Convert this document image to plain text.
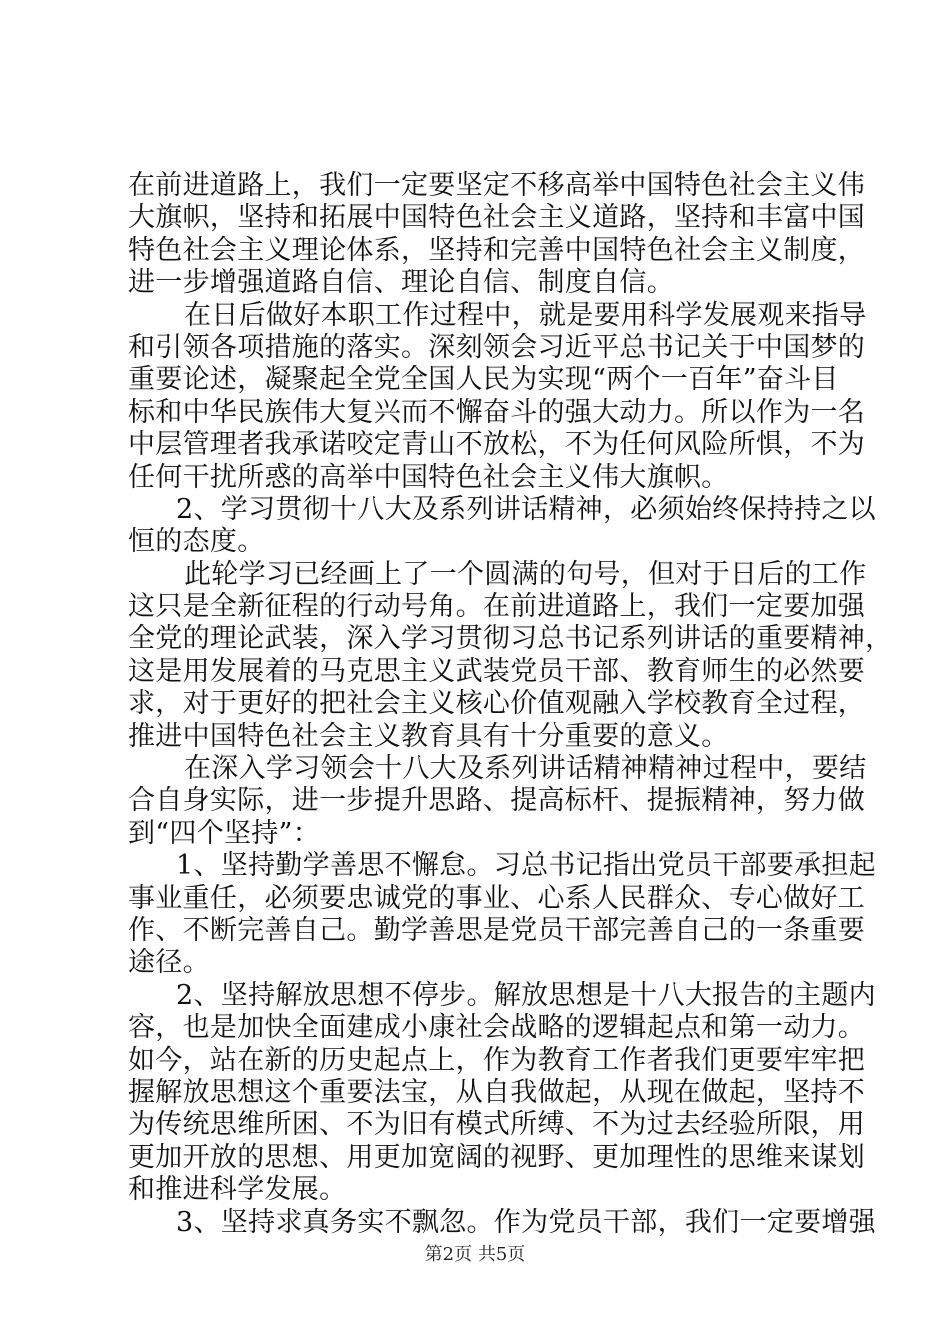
在前进道路上，我们一定要坚定不移高举中国特色社会主义伟
大旗帜，坚持和拓展中国特色社会主义道路，坚持和丰富中国
特色社会主义理论体系，坚持和完善中国特色社会主义制度，
进一步增强道路自信、理论自信、制度自信。
在日后做好本职工作过程中，就是要用科学发展观来指导
和引领各项措施的落实。深刻领会习近平总书记关于中国梦的
重要论述，凝聚起全党全国人民为实现“两个一百年”奋斗目
标和中华民族伟大复兴而不懈奋斗的强大动力。所以作为一名
中层管理者我承诺咬定青山不放松，不为任何风险所惧，不为
任何干扰所惑的高举中国特色社会主义伟大旗帜。
2、学习贯彻十八大及系列讲话精神，必须始终保持持之以
恒的态度。
此轮学习已经画上了一个圆满的句号，但对于日后的工作
这只是全新征程的行动号角。在前进道路上，我们一定要加强
全党的理论武装，深入学习贯彻习总书记系列讲话的重要精神，
这是用发展着的马克思主义武装党员干部、教育师生的必然要
求，对于更好的把社会主义核心价值观融入学校教育全过程，
推进中国特色社会主义教育具有十分重要的意义。
在深入学习领会十八大及系列讲话精神精神过程中，要结
合自身实际，进一步提升思路、提高标杆、提振精神，努力做
到“四个坚持”：
1、坚持勤学善思不懈怠。习总书记指出党员干部要承担起
事业重任，必须要忠诚党的事业、心系人民群众、专心做好工
作、不断完善自己。勤学善思是党员干部完善自己的一条重要
途径。
2、坚持解放思想不停步。解放思想是十八大报告的主题内
容，也是加快全面建成小康社会战略的逻辑起点和第一动力。
如今，站在新的历史起点上，作为教育工作者我们更要牢牢把
握解放思想这个重要法宝，从自我做起，从现在做起，坚持不
为传统思维所困、不为旧有模式所缚、不为过去经验所限，用
更加开放的思想、用更加宽阔的视野、更加理性的思维来谋划
和推进科学发展。
3、坚持求真务实不飘忽。作为党员干部，我们一定要增强
第2页 共5页
